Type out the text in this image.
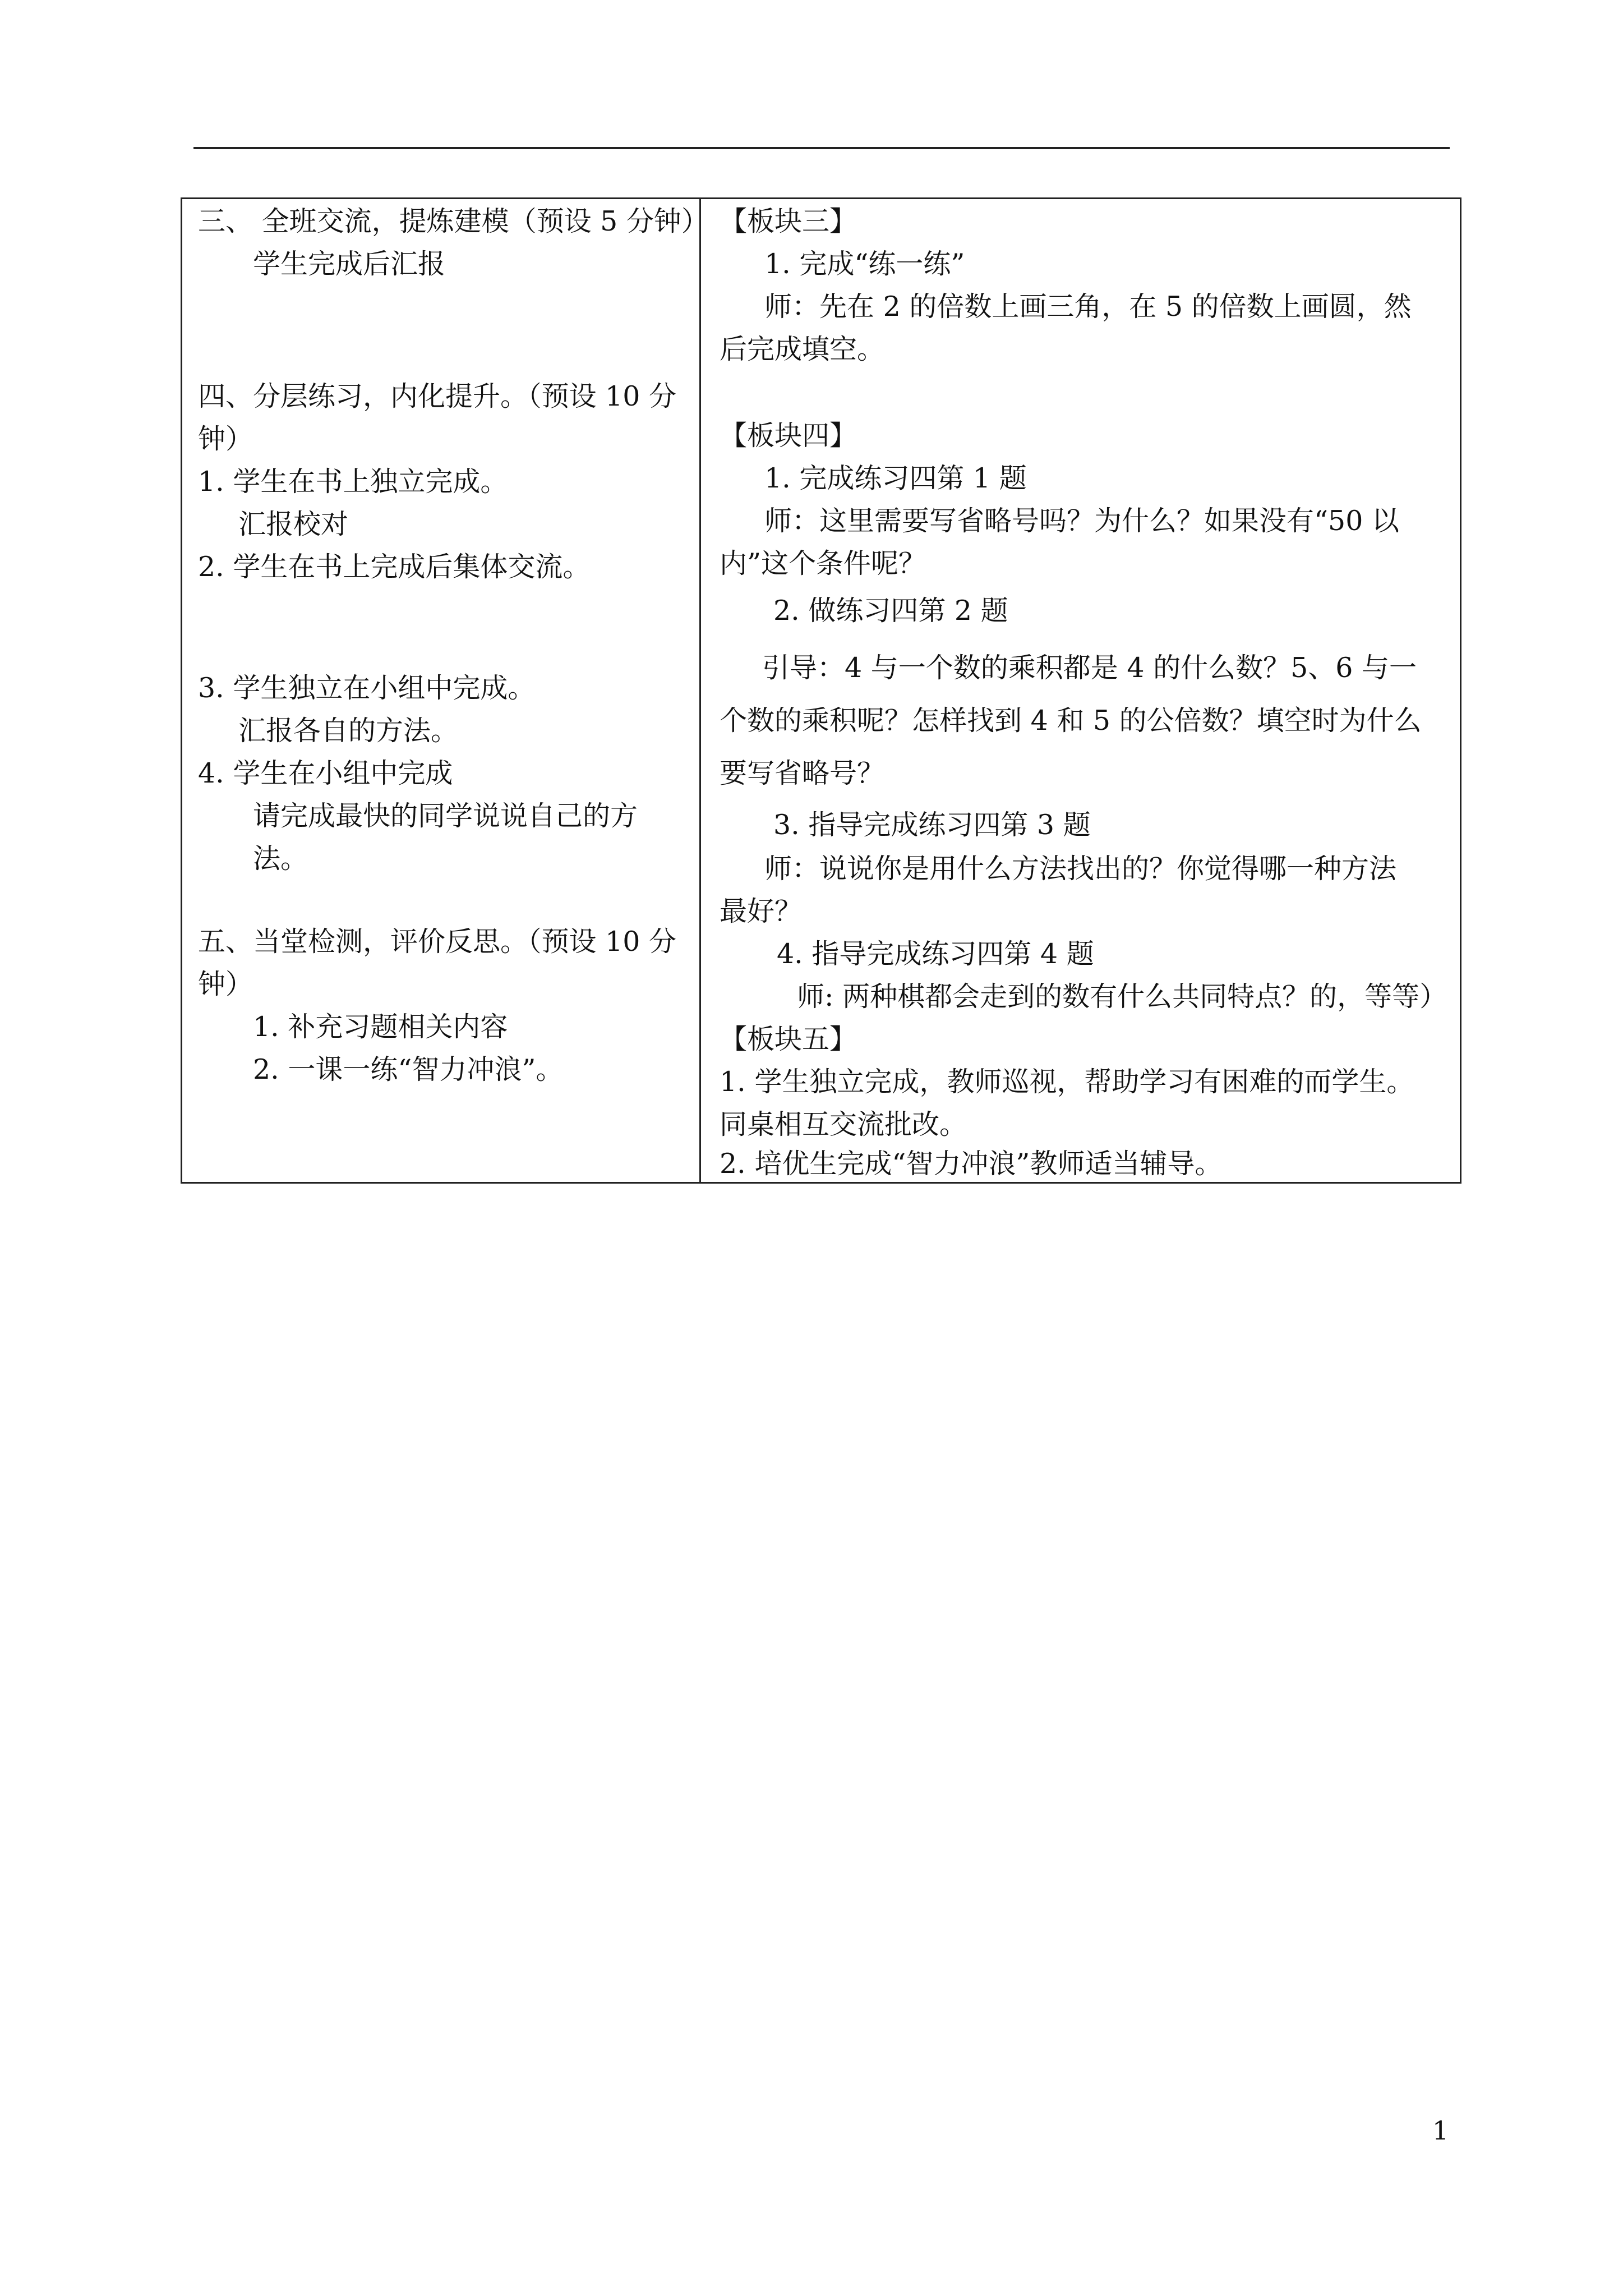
三、 全班交流，提炼建模（预设 5 分钟）
学生完成后汇报
四、分层练习，内化提升。（预设 10 分
钟）
1. 学生在书上独立完成。
汇报校对
2. 学生在书上完成后集体交流。
3. 学生独立在小组中完成。
汇报各自的方法。
4. 学生在小组中完成
请完成最快的同学说说自己的方
法。
五、当堂检测，评价反思。（预设 10 分
钟）
1. 补充习题相关内容
2. 一课一练“智力冲浪”。
【板块三】
1. 完成“练一练”
师：先在 2 的倍数上画三角，在 5 的倍数上画圆，然
后完成填空。
【板块四】
1. 完成练习四第 1 题
师：这里需要写省略号吗？为什么？如果没有“50 以
内”这个条件呢？
2. 做练习四第 2 题
引导：4 与一个数的乘积都是 4 的什么数？5、6 与一
个数的乘积呢？怎样找到 4 和 5 的公倍数？填空时为什么
要写省略号？
3. 指导完成练习四第 3 题
师：说说你是用什么方法找出的？你觉得哪一种方法
最好？
4. 指导完成练习四第 4 题
师: 两种棋都会走到的数有什么共同特点？的，等等）
【板块五】
1. 学生独立完成，教师巡视，帮助学习有困难的而学生。
同桌相互交流批改。
2. 培优生完成“智力冲浪”教师适当辅导。
1
